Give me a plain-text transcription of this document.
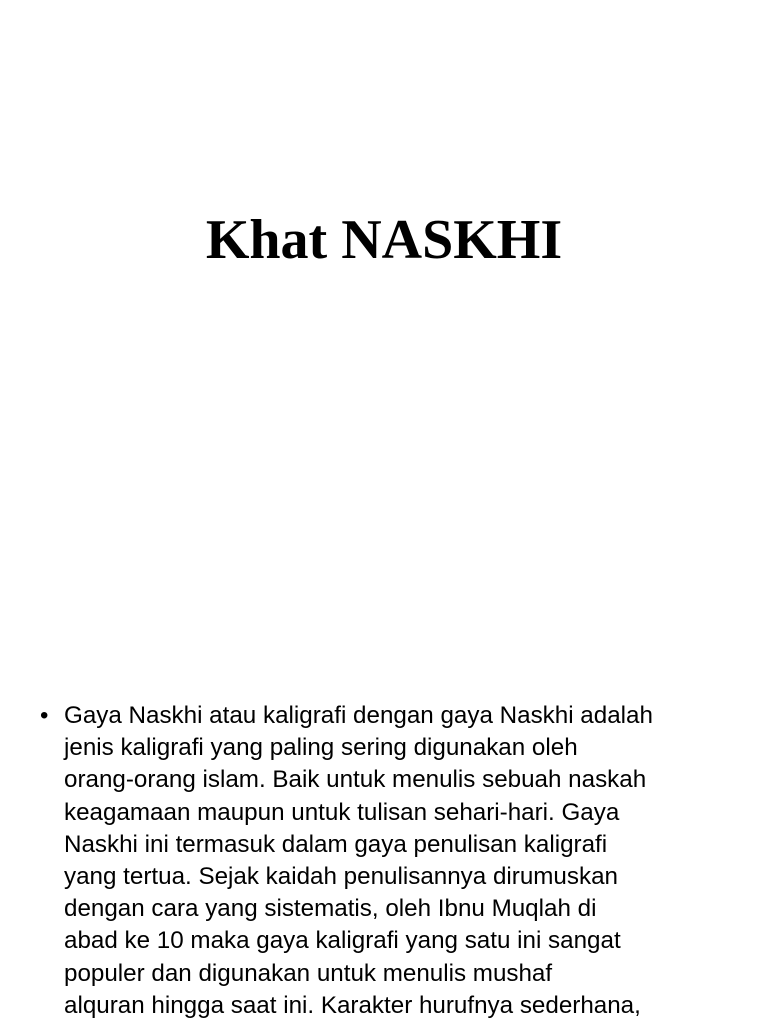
Khat NASKHI
• Gaya Naskhi atau kaligrafi dengan gaya Naskhi adalah
jenis kaligrafi yang paling sering digunakan oleh
orang-orang islam. Baik untuk menulis sebuah naskah
keagamaan maupun untuk tulisan sehari-hari. Gaya
Naskhi ini termasuk dalam gaya penulisan kaligrafi
yang tertua. Sejak kaidah penulisannya dirumuskan
dengan cara yang sistematis, oleh Ibnu Muqlah di
abad ke 10 maka gaya kaligrafi yang satu ini sangat
populer dan digunakan untuk menulis mushaf
alquran hingga saat ini. Karakter hurufnya sederhana,
